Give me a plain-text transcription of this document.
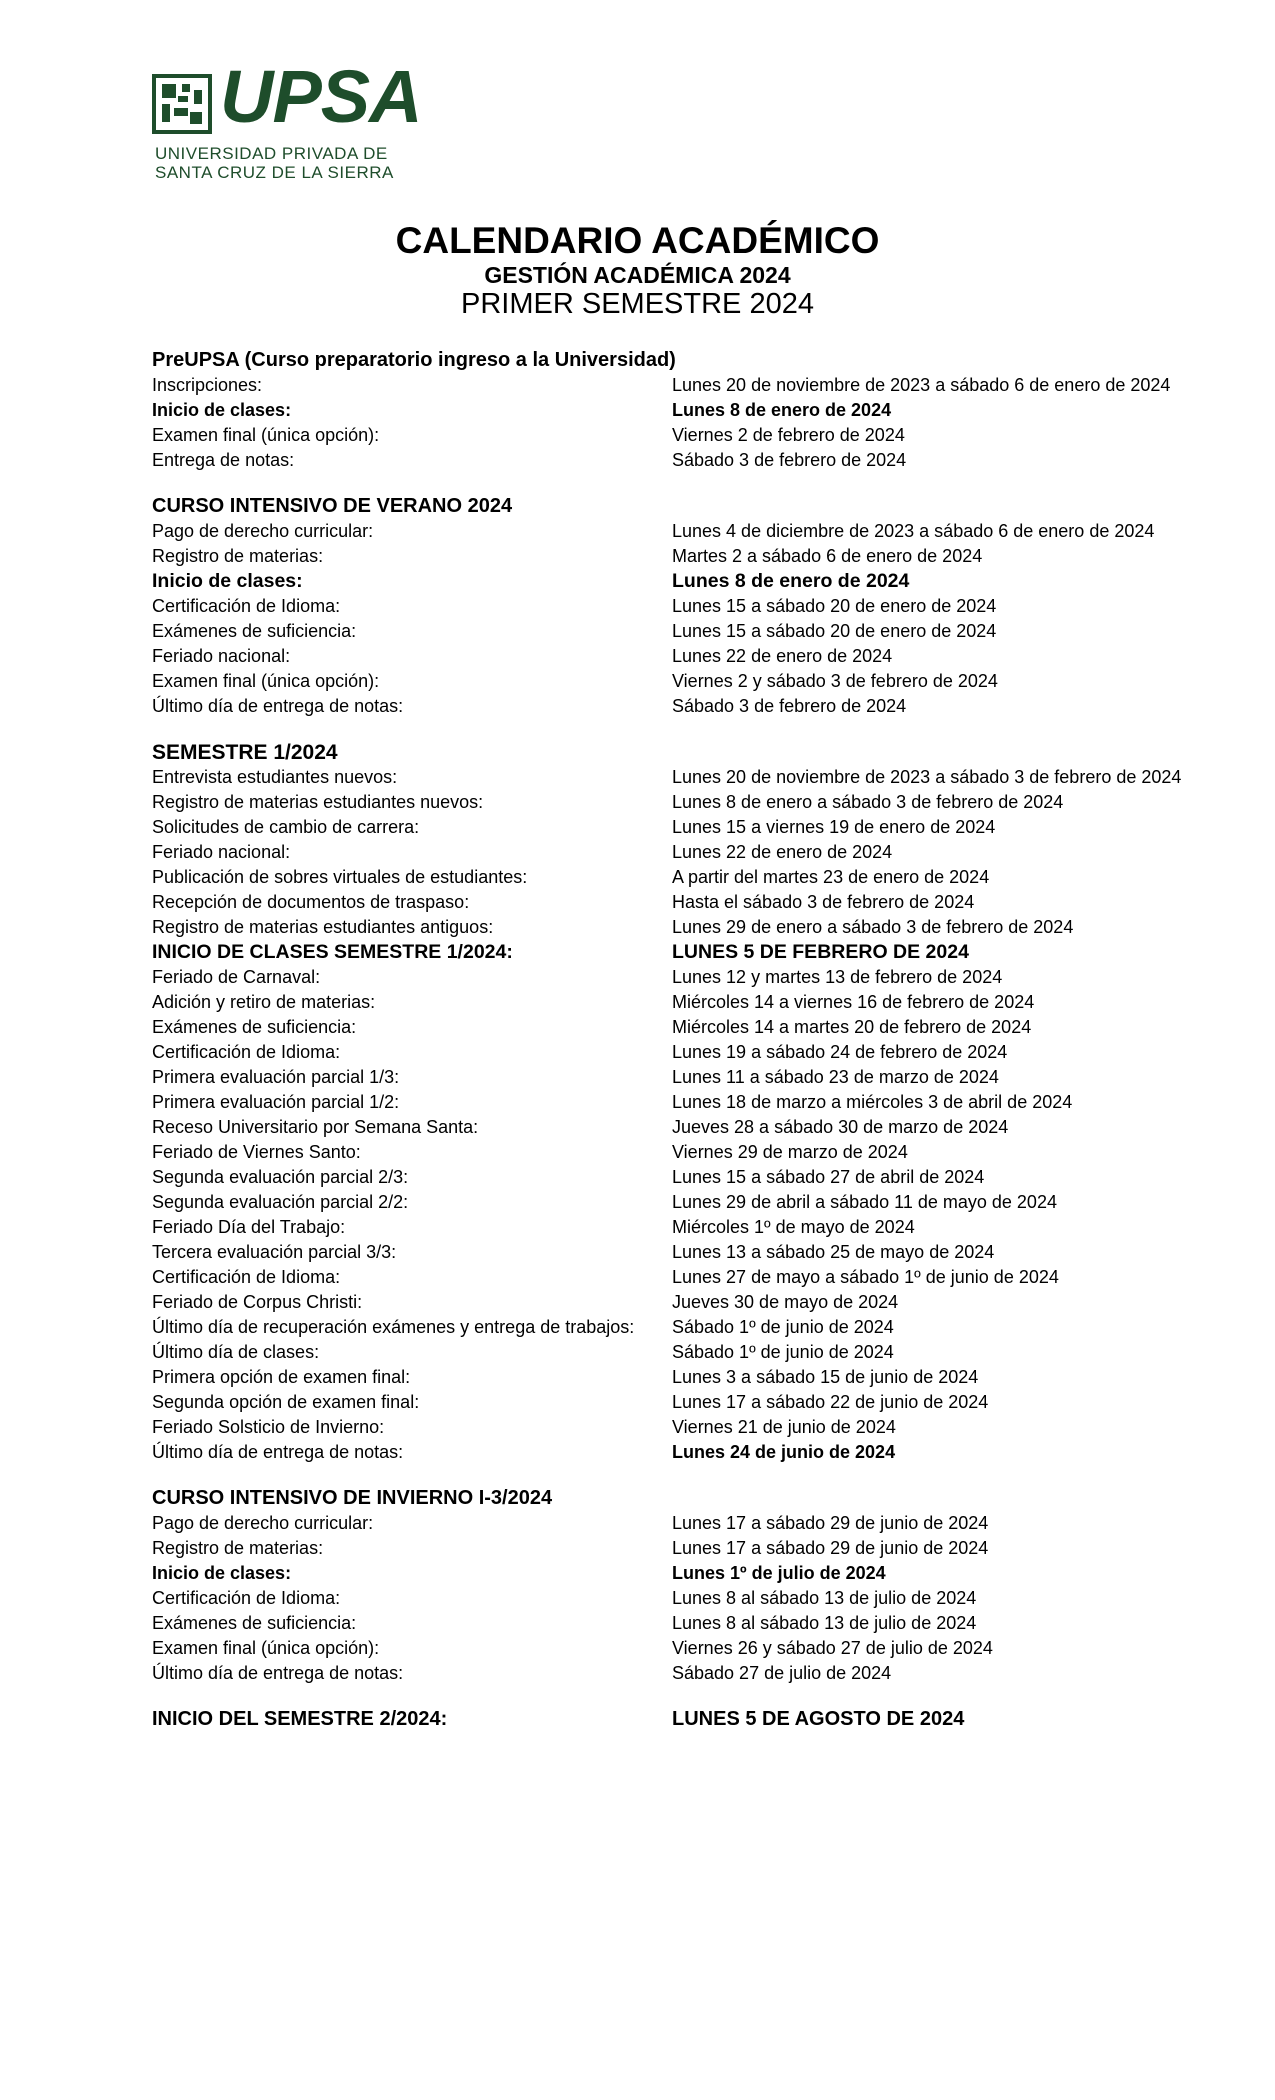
UPSA
UNIVERSIDAD PRIVADA DE
SANTA CRUZ DE LA SIERRA
CALENDARIO ACADÉMICO
GESTIÓN ACADÉMICA 2024
PRIMER SEMESTRE 2024
PreUPSA (Curso preparatorio ingreso a la Universidad)
Inscripciones:	Lunes 20 de noviembre de 2023 a sábado 6 de enero de 2024
Inicio de clases:	Lunes 8 de enero de 2024
Examen final (única opción):	Viernes 2 de febrero de 2024
Entrega de notas:	Sábado 3 de febrero de 2024
CURSO INTENSIVO DE VERANO 2024
Pago de derecho curricular:	Lunes 4 de diciembre de 2023 a sábado 6 de enero de 2024
Registro de materias:	Martes 2 a sábado 6 de enero de 2024
Inicio de clases:	Lunes 8 de enero de 2024
Certificación de Idioma:	Lunes 15 a sábado 20 de enero de 2024
Exámenes de suficiencia:	Lunes 15 a sábado 20 de enero de 2024
Feriado nacional:	Lunes 22 de enero de 2024
Examen final (única opción):	Viernes 2 y sábado 3 de febrero de 2024
Último día de entrega de notas:	Sábado 3 de febrero de 2024
SEMESTRE 1/2024
Entrevista estudiantes nuevos:	Lunes 20 de noviembre de 2023 a sábado 3 de febrero de 2024
Registro de materias estudiantes nuevos:	Lunes 8 de enero a sábado 3 de febrero de 2024
Solicitudes de cambio de carrera:	Lunes 15 a viernes 19 de enero de 2024
Feriado nacional:	Lunes 22 de enero de 2024
Publicación de sobres virtuales de estudiantes:	A partir del martes 23 de enero de 2024
Recepción de documentos de traspaso:	Hasta el sábado 3 de febrero de 2024
Registro de materias estudiantes antiguos:	Lunes 29 de enero a sábado 3 de febrero de 2024
INICIO DE CLASES SEMESTRE 1/2024:	LUNES 5 DE FEBRERO DE 2024
Feriado de Carnaval:	Lunes 12 y martes 13 de febrero de 2024
Adición y retiro de materias:	Miércoles 14 a viernes 16 de febrero de 2024
Exámenes de suficiencia:	Miércoles 14 a martes 20 de febrero de 2024
Certificación de Idioma:	Lunes 19 a sábado 24 de febrero de 2024
Primera evaluación parcial 1/3:	Lunes 11 a sábado 23 de marzo de 2024
Primera evaluación parcial 1/2:	Lunes 18 de marzo a miércoles 3 de abril de 2024
Receso Universitario por Semana Santa:	Jueves 28 a sábado 30 de marzo de 2024
Feriado de Viernes Santo:	Viernes 29 de marzo de 2024
Segunda evaluación parcial 2/3:	Lunes 15 a sábado 27 de abril de 2024
Segunda evaluación parcial 2/2:	Lunes 29 de abril a sábado 11 de mayo de 2024
Feriado Día del Trabajo:	Miércoles 1º de mayo de 2024
Tercera evaluación parcial 3/3:	Lunes 13 a sábado 25 de mayo de 2024
Certificación de Idioma:	Lunes 27 de mayo a sábado 1º de junio de 2024
Feriado de Corpus Christi:	Jueves 30 de mayo de 2024
Último día de recuperación exámenes y entrega de trabajos:	Sábado 1º de junio de 2024
Último día de clases:	Sábado 1º de junio de 2024
Primera opción de examen final:	Lunes 3 a sábado 15 de junio de 2024
Segunda opción de examen final:	Lunes 17 a sábado 22 de junio de 2024
Feriado Solsticio de Invierno:	Viernes 21 de junio de 2024
Último día de entrega de notas:	Lunes 24 de junio de 2024
CURSO INTENSIVO DE INVIERNO I-3/2024
Pago de derecho curricular:	Lunes 17 a sábado 29 de junio de 2024
Registro de materias:	Lunes 17 a sábado 29 de junio de 2024
Inicio de clases:	Lunes 1º de julio de 2024
Certificación de Idioma:	Lunes 8 al sábado 13 de julio de 2024
Exámenes de suficiencia:	Lunes 8 al sábado 13 de julio de 2024
Examen final (única opción):	Viernes 26 y sábado 27 de julio de 2024
Último día de entrega de notas:	Sábado 27 de julio de 2024
INICIO DEL SEMESTRE 2/2024:	LUNES 5 DE AGOSTO DE 2024
